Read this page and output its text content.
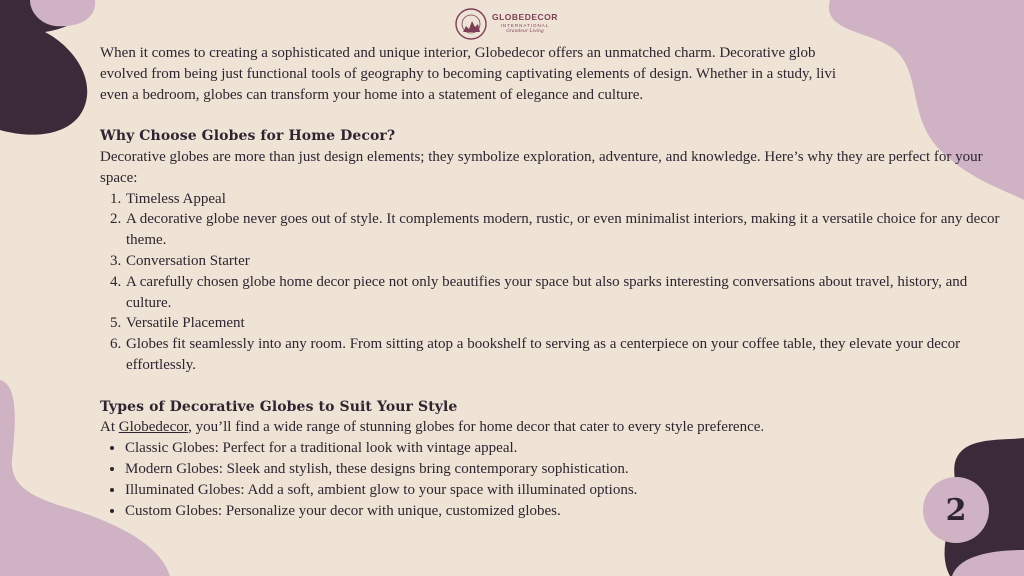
GLOBEDECOR
INTERNATIONAL
Grandeur Living

When it comes to creating a sophisticated and unique interior, Globedecor offers an unmatched charm. Decorative glob

evolved from being just functional tools of geography to becoming captivating elements of design. Whether in a study, livi

even a bedroom, globes can transform your home into a statement of elegance and culture.

Why Choose Globes for Home Decor?

Decorative globes are more than just design elements; they symbolize exploration, adventure, and knowledge. Here’s why they are perfect for your space:

1. Timeless Appeal
2. A decorative globe never goes out of style. It complements modern, rustic, or even minimalist interiors, making it a versatile choice for any decor theme.
3. Conversation Starter
4. A carefully chosen globe home decor piece not only beautifies your space but also sparks interesting conversations about travel, history, and culture.
5. Versatile Placement
6. Globes fit seamlessly into any room. From sitting atop a bookshelf to serving as a centerpiece on your coffee table, they elevate your decor effortlessly.
Types of Decorative Globes to Suit Your Style

At Globedecor, you’ll find a wide range of stunning globes for home decor that cater to every style preference.

• Classic Globes: Perfect for a traditional look with vintage appeal.
• Modern Globes: Sleek and stylish, these designs bring contemporary sophistication.
• Illuminated Globes: Add a soft, ambient glow to your space with illuminated options.
• Custom Globes: Personalize your decor with unique, customized globes.	2
